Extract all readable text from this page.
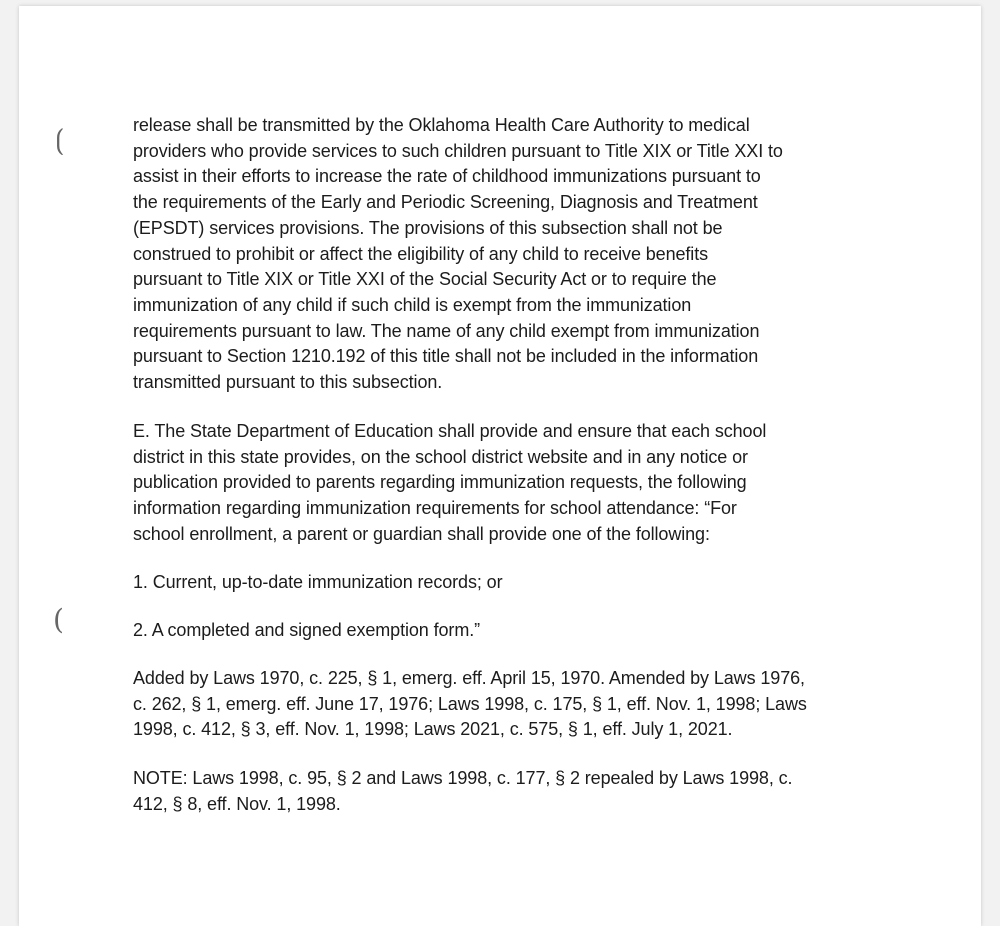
⟮
(
release shall be transmitted by the Oklahoma Health Care Authority to medical
providers who provide services to such children pursuant to Title XIX or Title XXI to
assist in their efforts to increase the rate of childhood immunizations pursuant to
the requirements of the Early and Periodic Screening, Diagnosis and Treatment
(EPSDT) services provisions. The provisions of this subsection shall not be
construed to prohibit or affect the eligibility of any child to receive benefits
pursuant to Title XIX or Title XXI of the Social Security Act or to require the
immunization of any child if such child is exempt from the immunization
requirements pursuant to law. The name of any child exempt from immunization
pursuant to Section 1210.192 of this title shall not be included in the information
transmitted pursuant to this subsection.
E. The State Department of Education shall provide and ensure that each school
district in this state provides, on the school district website and in any notice or
publication provided to parents regarding immunization requests, the following
information regarding immunization requirements for school attendance: “For
school enrollment, a parent or guardian shall provide one of the following:
1. Current, up-to-date immunization records; or
2. A completed and signed exemption form.”
Added by Laws 1970, c. 225, § 1, emerg. eff. April 15, 1970. Amended by Laws 1976,
c. 262, § 1, emerg. eff. June 17, 1976; Laws 1998, c. 175, § 1, eff. Nov. 1, 1998; Laws
1998, c. 412, § 3, eff. Nov. 1, 1998; Laws 2021, c. 575, § 1, eff. July 1, 2021.
NOTE: Laws 1998, c. 95, § 2 and Laws 1998, c. 177, § 2 repealed by Laws 1998, c.
412, § 8, eff. Nov. 1, 1998.
